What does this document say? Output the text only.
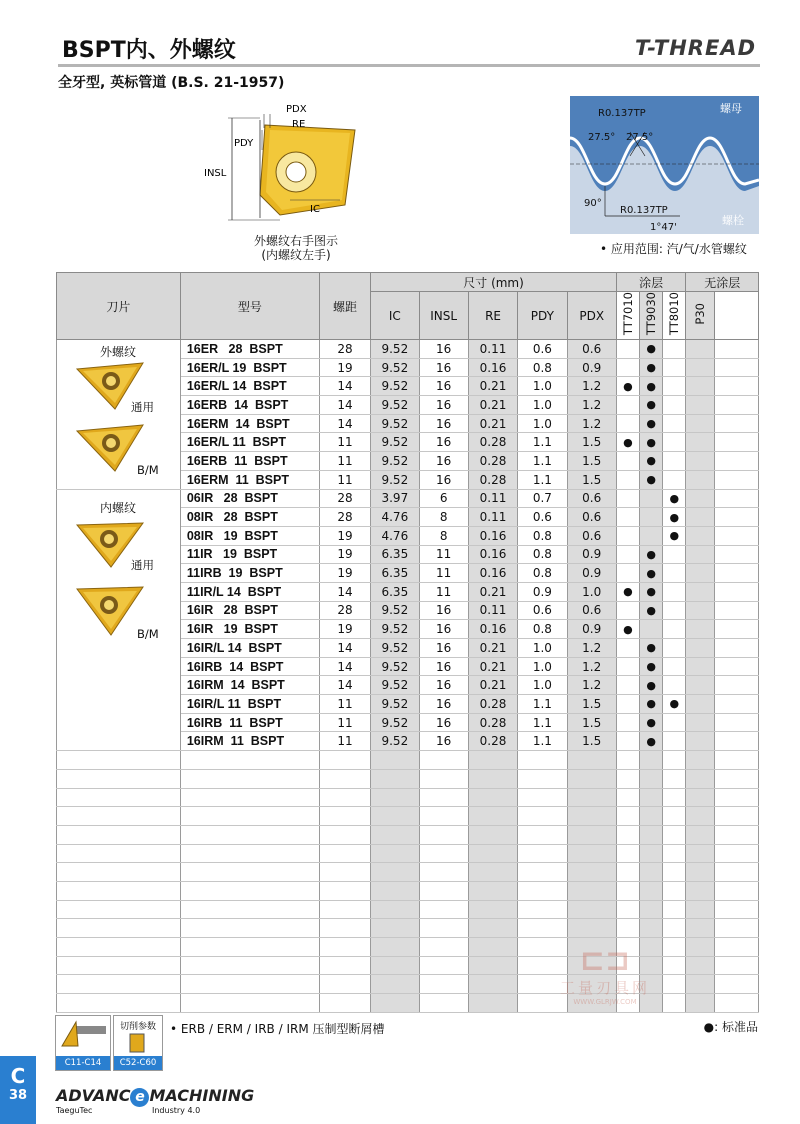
BSPT内、外螺纹	T-THREAD
全牙型, 英标管道 (B.S. 21-1957)
PDX
RE
PDY
INSL
IC
外螺纹右手图示
(内螺纹左手)
螺母
螺栓
R0.137TP
27.5° 27.5°
90°
R0.137TP
1°47'
• 应用范围: 汽/气/水管螺纹
刀片	型号	螺距	尺寸 (mm)					涂层			无涂层	
			IC	INSL	RE	PDY	PDX	TT7010	TT9030	TT8010	P30	
	16ER   28  BSPT	28	9.52	16	0.11	0.6	0.6		●			
	16ER/L 19  BSPT	19	9.52	16	0.16	0.8	0.9		●			
	16ER/L 14  BSPT	14	9.52	16	0.21	1.0	1.2	●	●			
	16ERB  14  BSPT	14	9.52	16	0.21	1.0	1.2		●			
	16ERM  14  BSPT	14	9.52	16	0.21	1.0	1.2		●			
	16ER/L 11  BSPT	11	9.52	16	0.28	1.1	1.5	●	●			
	16ERB  11  BSPT	11	9.52	16	0.28	1.1	1.5		●			
	16ERM  11  BSPT	11	9.52	16	0.28	1.1	1.5		●			
	06IR   28  BSPT	28	3.97	6	0.11	0.7	0.6			●		
	08IR   28  BSPT	28	4.76	8	0.11	0.6	0.6			●		
	08IR   19  BSPT	19	4.76	8	0.16	0.8	0.6			●		
	11IR   19  BSPT	19	6.35	11	0.16	0.8	0.9		●			
	11IRB  19  BSPT	19	6.35	11	0.16	0.8	0.9		●			
	11IR/L 14  BSPT	14	6.35	11	0.21	0.9	1.0	●	●			
	16IR   28  BSPT	28	9.52	16	0.11	0.6	0.6		●			
	16IR   19  BSPT	19	9.52	16	0.16	0.8	0.9	●				
	16IR/L 14  BSPT	14	9.52	16	0.21	1.0	1.2		●			
	16IRB  14  BSPT	14	9.52	16	0.21	1.0	1.2		●			
	16IRM  14  BSPT	14	9.52	16	0.21	1.0	1.2		●			
	16IR/L 11  BSPT	11	9.52	16	0.28	1.1	1.5		●	●		
	16IRB  11  BSPT	11	9.52	16	0.28	1.1	1.5		●			
	16IRM  11  BSPT	11	9.52	16	0.28	1.1	1.5		●			

外螺纹
通用
B/M
内螺纹
通用
B/M
⊏⊐
工量刃具网
WWW.GLRJW.COM
C11-C14
切削参数
C52-C60
• ERB / ERM / IRB / IRM 压制型断屑槽	●: 标准品
C
38	ADVANC e MACHINING
TaeguTec	Industry 4.0
